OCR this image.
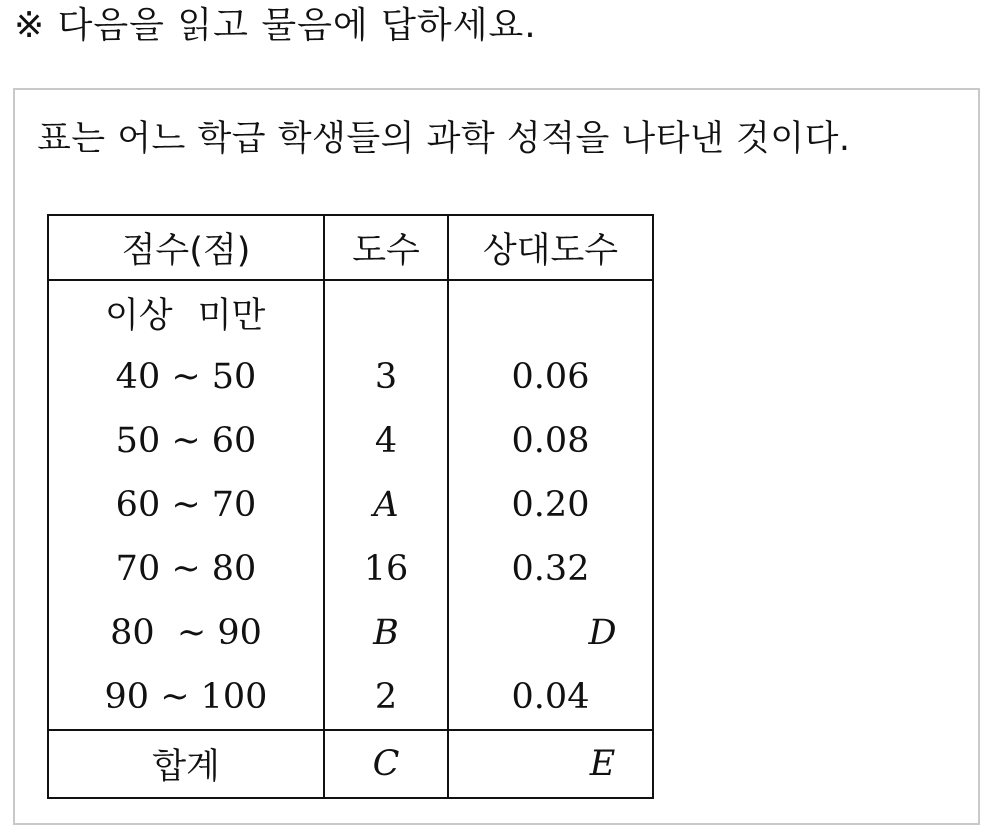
※ 다음을 읽고 물음에 답하세요.
표는 어느 학급 학생들의 과학 성적을 나타낸 것이다.
점수(점)	도수	상대도수
이상 미만		
40 ~ 50	3	0.06
50 ~ 60	4	0.08
60 ~ 70	A	0.20
70 ~ 80	16	0.32
80  ~ 90	B	D
90 ~ 100	2	0.04
합계	C	E
